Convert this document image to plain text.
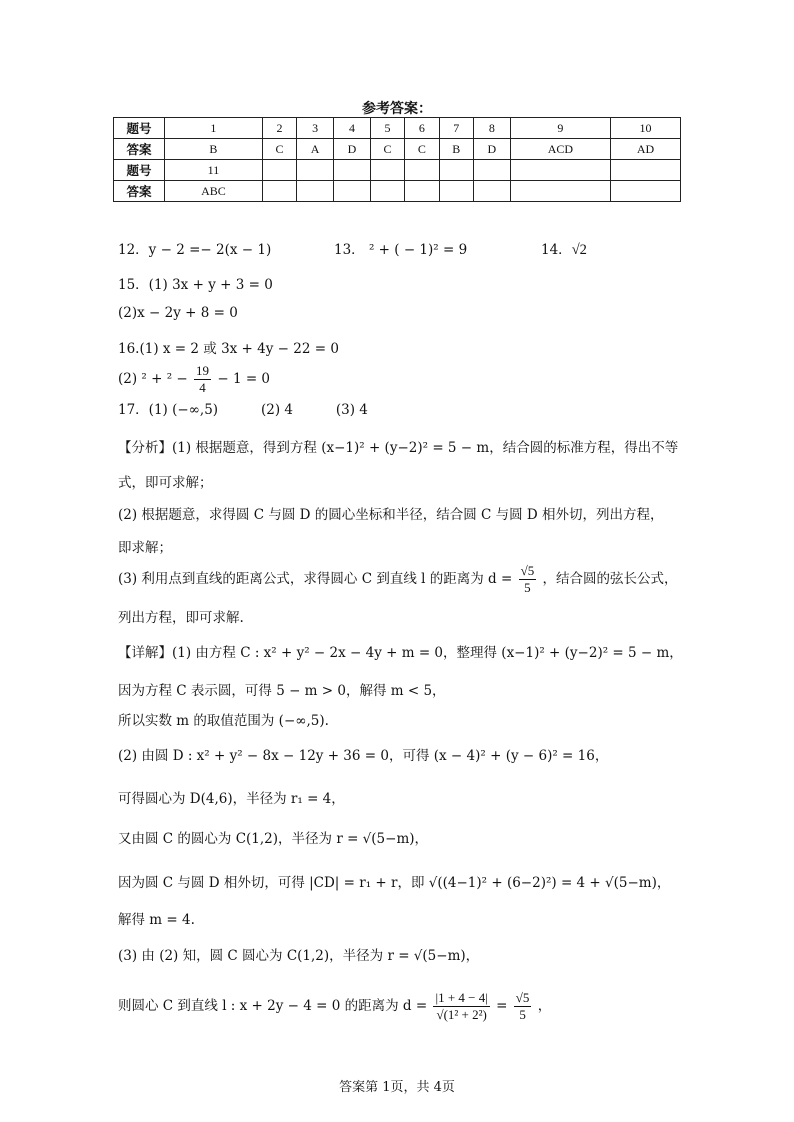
参考答案：
题号	1	2	3	4	5	6	7	8	9	10
答案	B	C	A	D	C	C	B	D	ACD	AD
题号	11									
答案	ABC									
12．y − 2 =− 2(x − 1)	13． ² + ( − 1)² = 9	14．√2
15．(1) 3x + y + 3 = 0
(2)x − 2y + 8 = 0
16.(1) x = 2 或 3x + 4y − 22 = 0
(2) $^2 + ^2 - \frac{19}{4} - 1 = 0$
17．(1) (−∞,5)          (2) 4          (3) 4
【分析】(1) 根据题意，得到方程 (x−1)² + (y−2)² = 5 − m，结合圆的标准方程，得出不等
式，即可求解；
(2) 根据题意，求得圆 C 与圆 D 的圆心坐标和半径，结合圆 C 与圆 D 相外切，列出方程，
即求解；
(3) 利用点到直线的距离公式，求得圆心 C 到直线 l 的距离为 $d = \frac{√5}{5}$ ，结合圆的弦长公式，
列出方程，即可求解.
【详解】(1) 由方程 C : x² + y² − 2x − 4y + m = 0，整理得 (x−1)² + (y−2)² = 5 − m，
因为方程 C 表示圆，可得 5 − m > 0，解得 m < 5，
所以实数 m 的取值范围为 (−∞,5).
(2) 由圆 D : x² + y² − 8x − 12y + 36 = 0，可得 (x − 4)² + (y − 6)² = 16，
可得圆心为 D(4,6)，半径为 r₁ = 4，
又由圆 C 的圆心为 C(1,2)，半径为 r = √(5−m)，
因为圆 C 与圆 D 相外切，可得 |CD| = r₁ + r，即 √((4−1)² + (6−2)²) = 4 + √(5−m)，
解得 m = 4.
(3) 由 (2) 知，圆 C 圆心为 C(1,2)，半径为 r = √(5−m)，
则圆心 C 到直线 l : x + 2y − 4 = 0 的距离为 $d = \frac{|1 + 4 - 4|}{\text{√(1² + 2²)}} = \frac{√5}{5}$ ，
答案第 1页，共 4页
